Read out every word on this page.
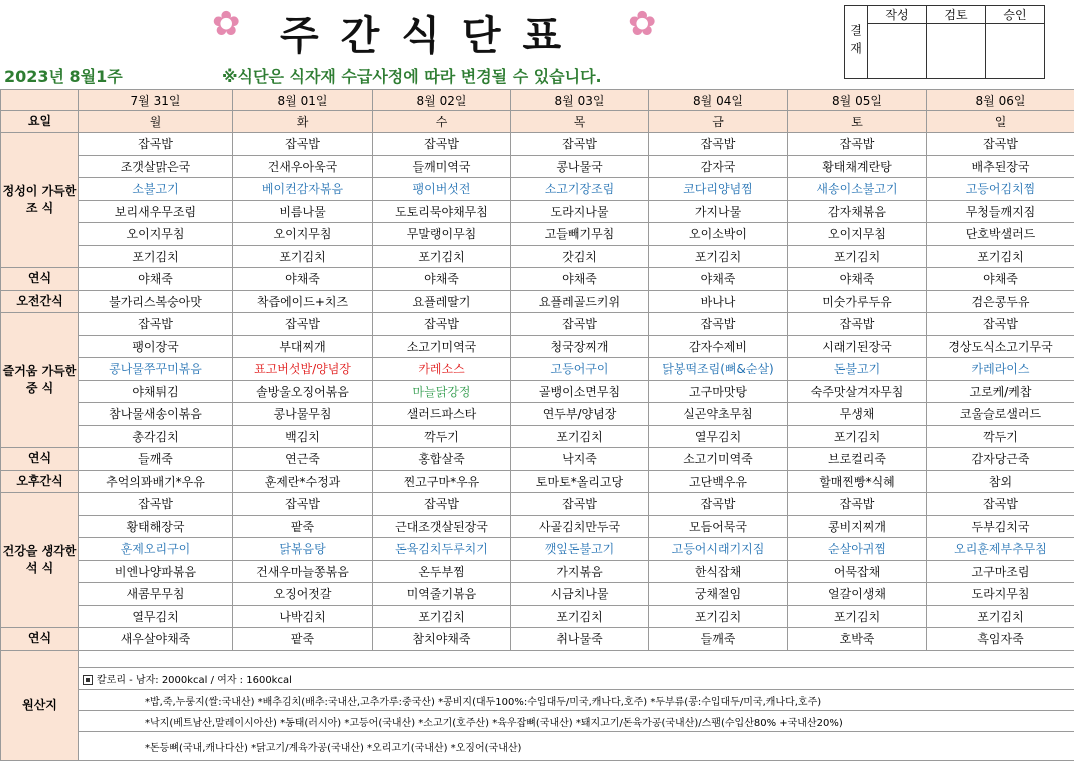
✿ 주간식단표 ✿
2023년 8월1주	※식단은 식자재 수급사정에 따라 변경될 수 있습니다.
결재	작성	검토	승인

	7월 31일	8월 01일	8월 02일	8월 03일	8월 04일	8월 05일	8월 06일
요일	월	화	수	목	금	토	일
정성이 가득한 조 식	잡곡밥	잡곡밥	잡곡밥	잡곡밥	잡곡밥	잡곡밥	잡곡밥
	조갯살맑은국	건새우아욱국	들깨미역국	콩나물국	감자국	황태채계란탕	배추된장국
	소불고기	베이컨감자볶음	팽이버섯전	소고기장조림	코다리양념찜	새송이소불고기	고등어김치찜
	보리새우무조림	비름나물	도토리묵야채무침	도라지나물	가지나물	감자채볶음	무청들깨지짐
	오이지무침	오이지무침	무말랭이무침	고들빼기무침	오이소박이	오이지무침	단호박샐러드
	포기김치	포기김치	포기김치	갓김치	포기김치	포기김치	포기김치
연식	야채죽	야채죽	야채죽	야채죽	야채죽	야채죽	야채죽
오전간식	불가리스복숭아맛	착즙에이드+치즈	요플레딸기	요플레골드키위	바나나	미숫가루두유	검은콩두유
즐거움 가득한 중 식	잡곡밥	잡곡밥	잡곡밥	잡곡밥	잡곡밥	잡곡밥	잡곡밥
	팽이장국	부대찌개	소고기미역국	청국장찌개	감자수제비	시래기된장국	경상도식소고기무국
	콩나물쭈꾸미볶음	표고버섯밥/양념장	카레소스	고등어구이	닭봉떡조림(뼈&순살)	돈불고기	카레라이스
	야채튀김	솔방울오징어볶음	마늘닭강정	골뱅이소면무침	고구마맛탕	숙주맛살겨자무침	고로케/케찹
	참나물새송이볶음	콩나물무침	샐러드파스타	연두부/양념장	실곤약초무침	무생채	코울슬로샐러드
	총각김치	백김치	깍두기	포기김치	열무김치	포기김치	깍두기
연식	들깨죽	연근죽	홍합살죽	낙지죽	소고기미역죽	브로컬리죽	감자당근죽
오후간식	추억의꽈배기*우유	훈제란*수정과	찐고구마*우유	토마토*올리고당	고단백우유	할매찐빵*식혜	참외
건강을 생각한 석 식	잡곡밥	잡곡밥	잡곡밥	잡곡밥	잡곡밥	잡곡밥	잡곡밥
	황태해장국	팥죽	근대조갯살된장국	사골김치만두국	모듬어묵국	콩비지찌개	두부김치국
	훈제오리구이	닭볶음탕	돈육김치두루치기	깻잎돈불고기	고등어시래기지짐	순살아귀찜	오리훈제부추무침
	비엔나양파볶음	건새우마늘쫑볶음	온두부찜	가지볶음	한식잡채	어묵잡채	고구마조림
	새콤무무침	오징어젓갈	미역줄기볶음	시금치나물	궁채절임	얼갈이생채	도라지무침
	열무김치	나박김치	포기김치	포기김치	포기김치	포기김치	포기김치
연식	새우살야채죽	팥죽	참치야채죽	취나물죽	들깨죽	호박죽	흑임자죽
원산지							
	칼로리 - 남자: 2000kcal / 여자 : 1600kcal						
	*밥,죽,누룽지(쌀:국내산) *배추김치(배추:국내산,고추가루:중국산) *콩비지(대두100%:수입대두/미국,캐나다,호주) *두부류(콩:수입대두/미국,캐나다,호주)						
	*낙지(베트남산,말레이시아산) *동태(러시아) *고등어(국내산) *소고기(호주산) *육우잡뼈(국내산) *돼지고기/돈육가공(국내산)/스팸(수입산80% +국내산20%)						
	*돈등뼈(국내,캐나다산) *닭고기/계육가공(국내산) *오리고기(국내산) *오징어(국내산)						
